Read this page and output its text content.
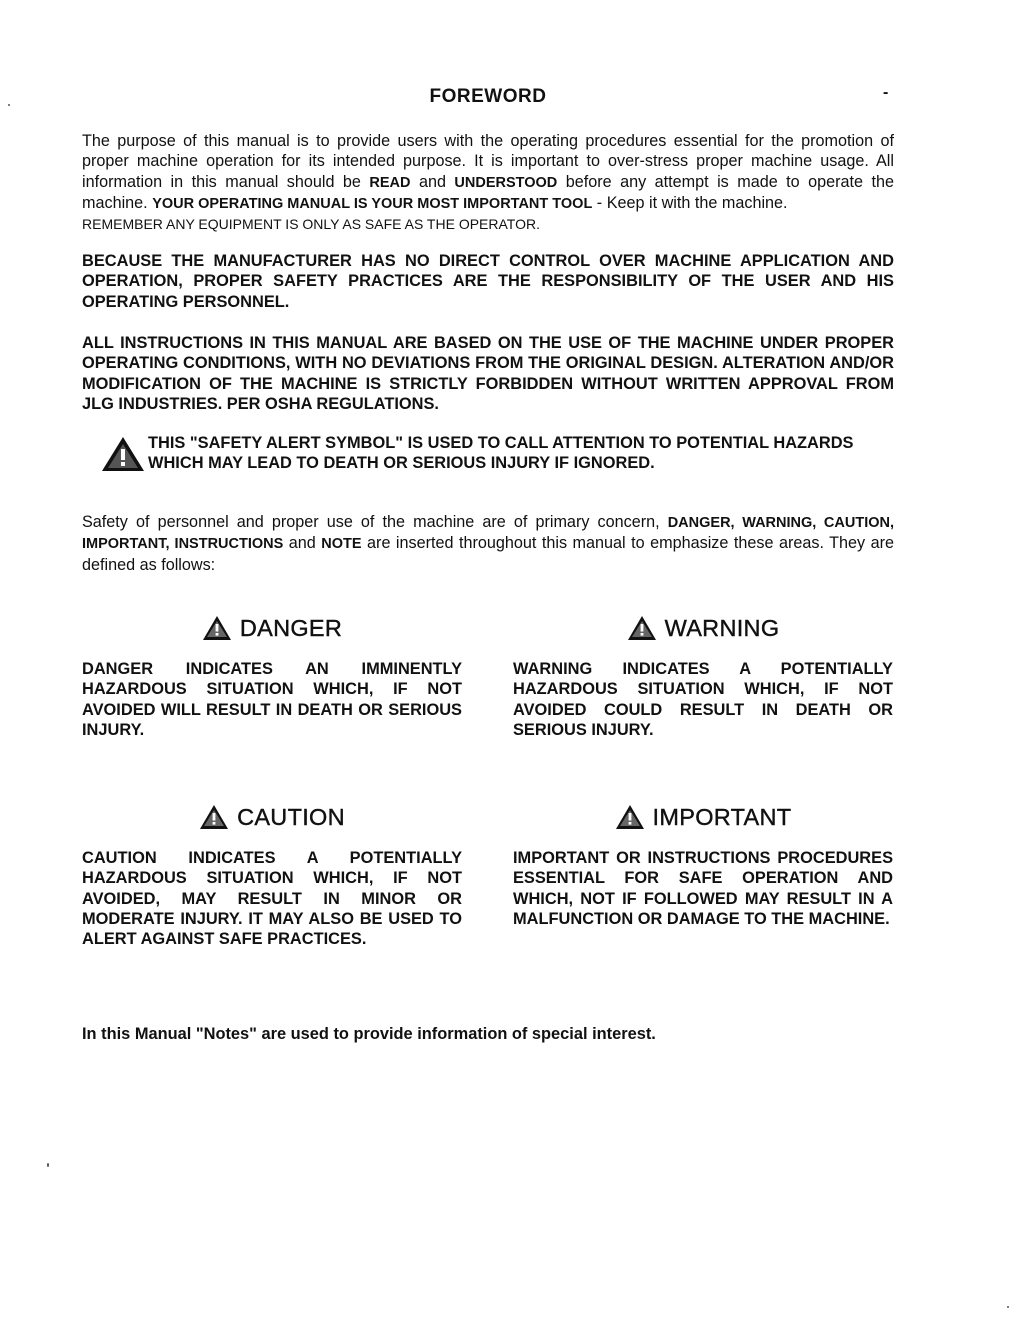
FOREWORD	-
The purpose of this manual is to provide users with the operating procedures essential for the promotion of proper machine operation for its intended purpose. It is important to over-stress proper machine usage. All information in this manual should be READ and UNDERSTOOD before any attempt is made to operate the machine. YOUR OPERATING MANUAL IS YOUR MOST IMPORTANT TOOL - Keep it with the machine.
REMEMBER ANY EQUIPMENT IS ONLY AS SAFE AS THE OPERATOR.
BECAUSE THE MANUFACTURER HAS NO DIRECT CONTROL OVER MACHINE APPLICATION AND OPERATION, PROPER SAFETY PRACTICES ARE THE RESPONSIBILITY OF THE USER AND HIS OPERATING PERSONNEL.
ALL INSTRUCTIONS IN THIS MANUAL ARE BASED ON THE USE OF THE MACHINE UNDER PROPER OPERATING CONDITIONS, WITH NO DEVIATIONS FROM THE ORIGINAL DESIGN. ALTERATION AND/OR MODIFICATION OF THE MACHINE IS STRICTLY FORBIDDEN WITHOUT WRITTEN APPROVAL FROM JLG INDUSTRIES. PER OSHA REGULATIONS.
THIS "SAFETY ALERT SYMBOL" IS USED TO CALL ATTENTION TO POTENTIAL HAZARDS WHICH MAY LEAD TO DEATH OR SERIOUS INJURY IF IGNORED.
Safety of personnel and proper use of the machine are of primary concern, DANGER, WARNING, CAUTION, IMPORTANT, INSTRUCTIONS and NOTE are inserted throughout this manual to emphasize these areas. They are defined as follows:
DANGER
DANGER INDICATES AN IMMINENTLY HAZARDOUS SITUATION WHICH, IF NOT AVOIDED WILL RESULT IN DEATH OR SERIOUS INJURY.
WARNING
WARNING INDICATES A POTENTIALLY HAZARDOUS SITUATION WHICH, IF NOT AVOIDED COULD RESULT IN DEATH OR SERIOUS INJURY.
CAUTION
CAUTION INDICATES A POTENTIALLY HAZARDOUS SITUATION WHICH, IF NOT AVOIDED, MAY RESULT IN MINOR OR MODERATE INJURY. IT MAY ALSO BE USED TO ALERT AGAINST SAFE PRACTICES.
IMPORTANT
IMPORTANT OR INSTRUCTIONS PROCEDURES ESSENTIAL FOR SAFE OPERATION AND WHICH, NOT IF FOLLOWED MAY RESULT IN A MALFUNCTION OR DAMAGE TO THE MACHINE.
In this Manual "Notes" are used to provide information of special interest.
